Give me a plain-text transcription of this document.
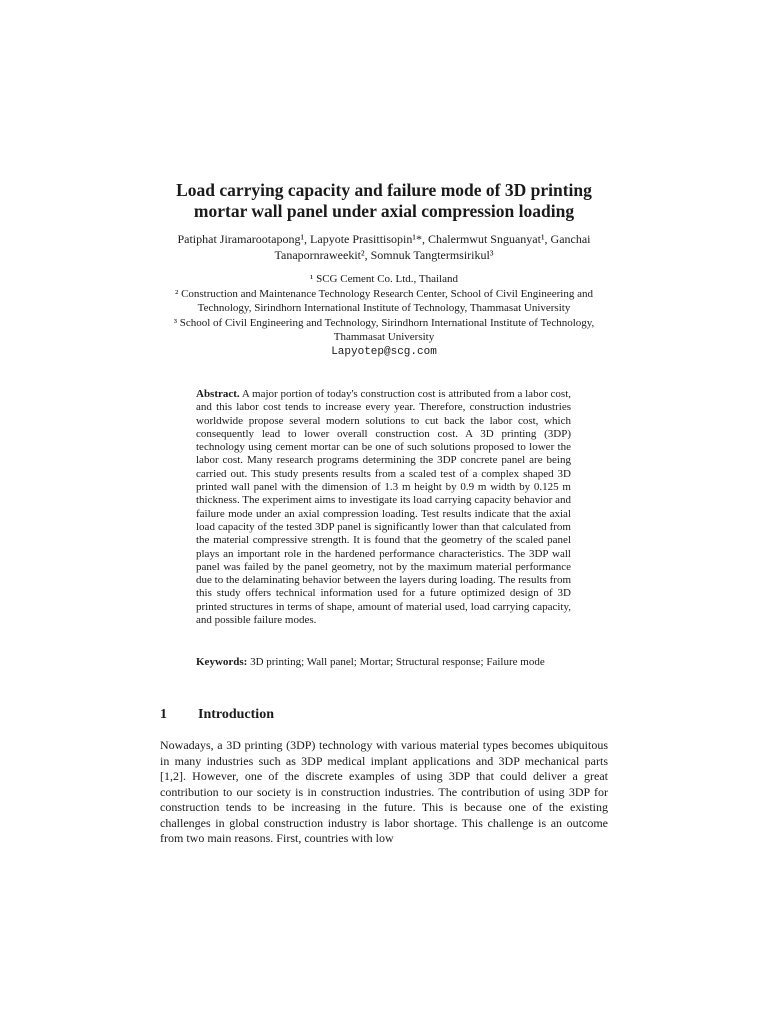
Load carrying capacity and failure mode of 3D printing
mortar wall panel under axial compression loading
Patiphat Jiramarootapong¹, Lapyote Prasittisopin¹*, Chalermwut Snguanyat¹, Ganchai
Tanapornraweekit², Somnuk Tangtermsirikul³
¹ SCG Cement Co. Ltd., Thailand
² Construction and Maintenance Technology Research Center, School of Civil Engineering and Technology, Sirindhorn International Institute of Technology, Thammasat University
³ School of Civil Engineering and Technology, Sirindhorn International Institute of Technology, Thammasat University
Lapyotep@scg.com
Abstract. A major portion of today's construction cost is attributed from a labor cost, and this labor cost tends to increase every year. Therefore, construction industries worldwide propose several modern solutions to cut back the labor cost, which consequently lead to lower overall construction cost. A 3D printing (3DP) technology using cement mortar can be one of such solutions proposed to lower the labor cost. Many research programs determining the 3DP concrete panel are being carried out. This study presents results from a scaled test of a complex shaped 3D printed wall panel with the dimension of 1.3 m height by 0.9 m width by 0.125 m thickness. The experiment aims to investigate its load carrying capacity behavior and failure mode under an axial compression loading. Test results indicate that the axial load capacity of the tested 3DP panel is significantly lower than that calculated from the material compressive strength. It is found that the geometry of the scaled panel plays an important role in the hardened performance characteristics. The 3DP wall panel was failed by the panel geometry, not by the maximum material performance due to the delaminating behavior between the layers during loading. The results from this study offers technical information used for a future optimized design of 3D printed structures in terms of shape, amount of material used, load carrying capacity, and possible failure modes.
Keywords: 3D printing; Wall panel; Mortar; Structural response; Failure mode
1 Introduction
Nowadays, a 3D printing (3DP) technology with various material types becomes ubiquitous in many industries such as 3DP medical implant applications and 3DP mechanical parts [1,2]. However, one of the discrete examples of using 3DP that could deliver a great contribution to our society is in construction industries. The contribution of using 3DP for construction tends to be increasing in the future. This is because one of the existing challenges in global construction industry is labor shortage. This challenge is an outcome from two main reasons. First, countries with low
